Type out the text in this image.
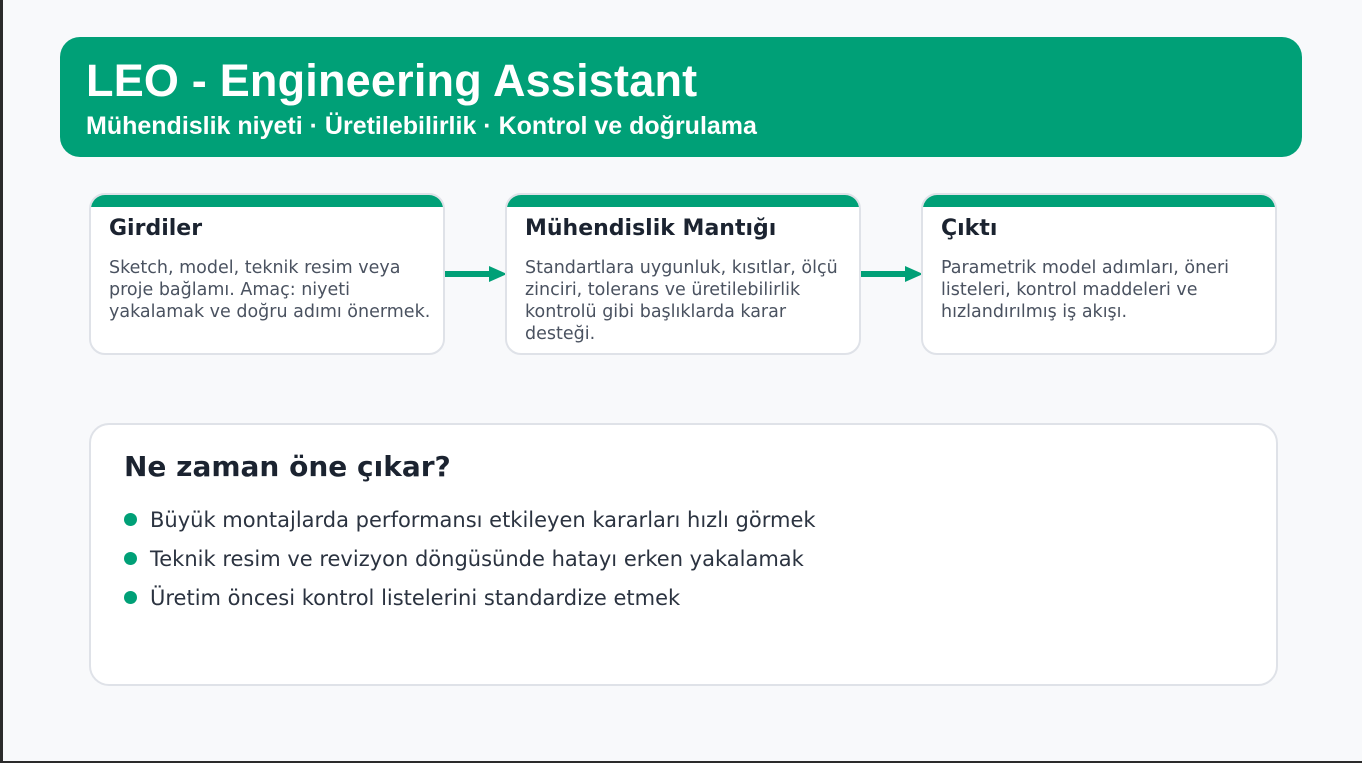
LEO - Engineering Assistant
Mühendislik niyeti · Üretilebilirlik · Kontrol ve doğrulama
Girdiler
Sketch, model, teknik resim veya proje bağlamı. Amaç: niyeti yakalamak ve doğru adımı önermek.
Mühendislik Mantığı
Standartlara uygunluk, kısıtlar, ölçü zinciri, tolerans ve üretilebilirlik kontrolü gibi başlıklarda karar desteği.
Çıktı
Parametrik model adımları, öneri listeleri, kontrol maddeleri ve hızlandırılmış iş akışı.
Ne zaman öne çıkar?
Büyük montajlarda performansı etkileyen kararları hızlı görmek
Teknik resim ve revizyon döngüsünde hatayı erken yakalamak
Üretim öncesi kontrol listelerini standardize etmek
